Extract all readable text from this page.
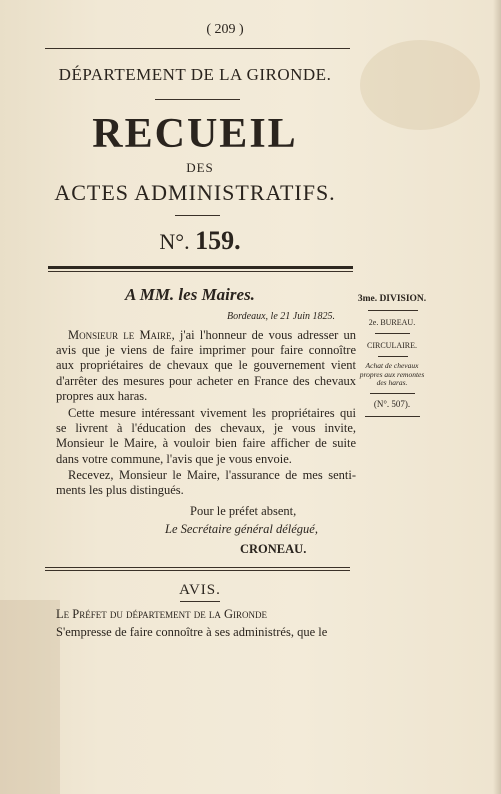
( 209 )
DÉPARTEMENT DE LA GIRONDE.
RECUEIL
DES
ACTES ADMINISTRATIFS.
N°. 159.
A MM. les Maires.
Bordeaux, le 21 Juin 1825.
Monsieur le Maire, j'ai l'honneur de vous adresser un
avis que je viens de faire imprimer pour faire connoître
aux propriétaires de chevaux que le gouvernement vient
d'arrêter des mesures pour acheter en France des chevaux
propres aux haras.
Cette mesure intéressant vivement les propriétaires qui
se livrent à l'éducation des chevaux, je vous invite,
Monsieur le Maire, à vouloir bien faire afficher de suite
dans votre commune, l'avis que je vous envoie.
Recevez, Monsieur le Maire, l'assurance de mes senti-
ments les plus distingués.
Pour le préfet absent,
Le Secrétaire général délégué,
CRONEAU.
3me. DIVISION.
2e. BUREAU.
CIRCULAIRE.
Achat de chevaux
propres aux remontes
des haras.
(N°. 507).
AVIS.
Le Préfet du département de la Gironde
S'empresse de faire connoître à ses administrés, que le
